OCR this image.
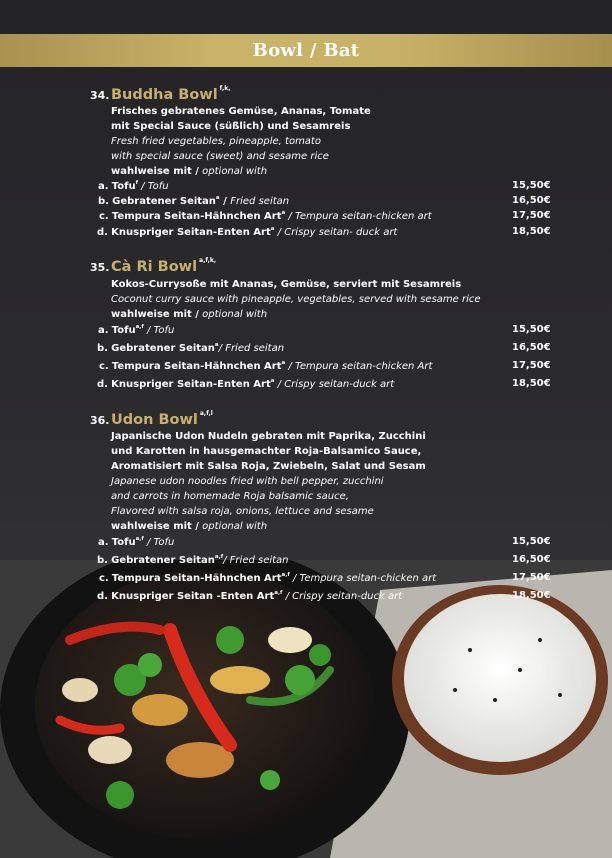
Bowl / Bat
34. Buddha Bowl $^{f,k,}$
Frisches gebratenes Gemüse, Ananas, Tomate
mit Special Sauce (süßlich) und Sesamreis
Fresh fried vegetables, pineapple, tomato
with special sauce (sweet) and sesame rice
wahlweise mit / optional with
a. Tofu$^f$ / Tofu	15,50€
b. Gebratener Seitan$^a$ / Fried seitan	16,50€
c. Tempura Seitan-Hähnchen Art$^a$ / Tempura seitan-chicken art	17,50€
d. Knuspriger Seitan-Enten Art$^a$ / Crispy seitan- duck art	18,50€
35. Cà Ri Bowl $^{a,f,k,}$
Kokos-Currysoße mit Ananas, Gemüse, serviert mit Sesamreis
Coconut curry sauce with pineapple, vegetables, served with sesame rice
wahlweise mit / optional with
a. Tofu$^{a,f}$ / Tofu	15,50€
b. Gebratener Seitan$^a$/ Fried seitan	16,50€
c. Tempura Seitan-Hähnchen Art$^a$ / Tempura seitan-chicken Art	17,50€
d. Knuspriger Seitan-Enten Art$^a$ / Crispy seitan-duck art	18,50€
36. Udon Bowl $^{a,f,l}$
Japanische Udon Nudeln gebraten mit Paprika, Zucchini
und Karotten in hausgemachter Roja-Balsamico Sauce,
Aromatisiert mit Salsa Roja, Zwiebeln, Salat und Sesam
Japanese udon noodles fried with bell pepper, zucchini
and carrots in homemade Roja balsamic sauce,
Flavored with salsa roja, onions, lettuce and sesame
wahlweise mit / optional with
a. Tofu$^{a,f}$ / Tofu	15,50€
b. Gebratener Seitan$^{a,f}$/ Fried seitan	16,50€
c. Tempura Seitan-Hähnchen Art$^{a,f}$ / Tempura seitan-chicken art	17,50€
d. Knuspriger Seitan -Enten Art$^{a,f}$ / Crispy seitan-duck art	18,50€
